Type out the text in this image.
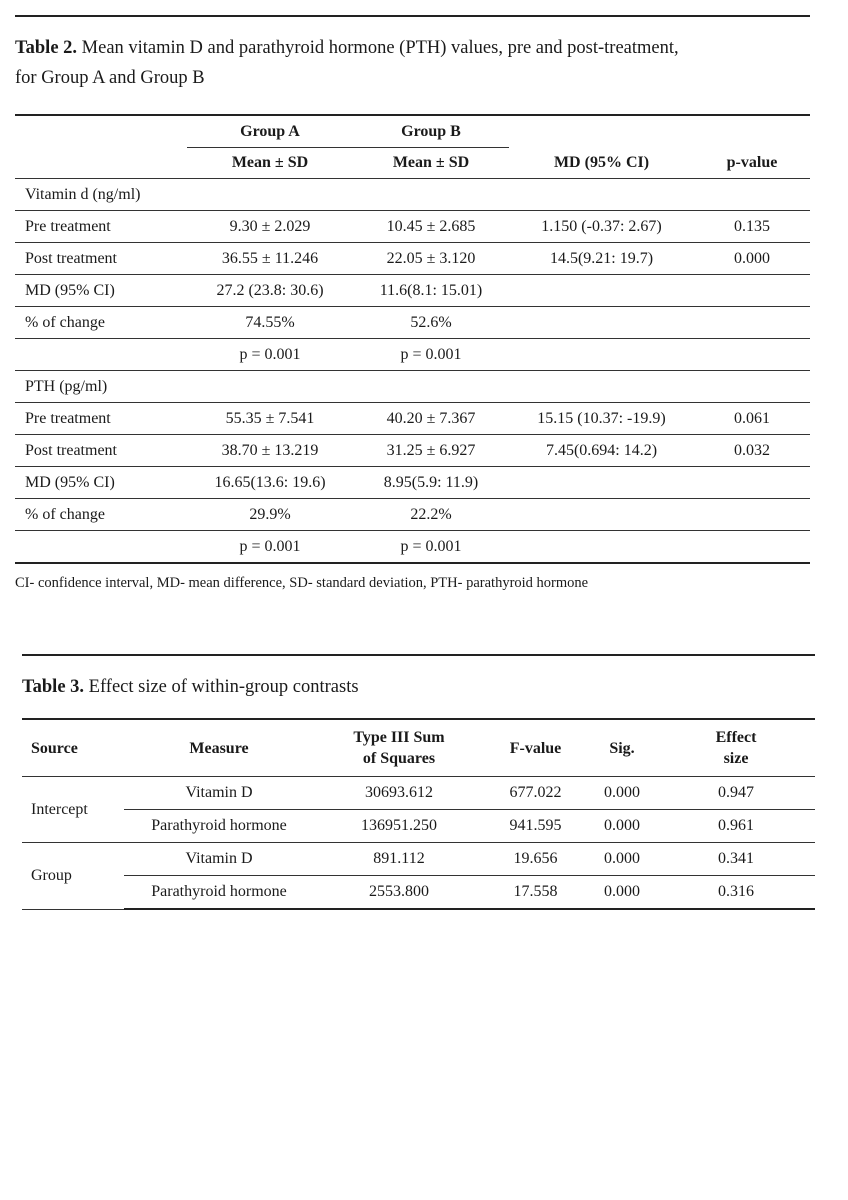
Table 2. Mean vitamin D and parathyroid hormone (PTH) values, pre and post-treatment,
for Group A and Group B
	Group A	Group B		
	Mean ± SD	Mean ± SD	MD (95% CI)	p-value
Vitamin d (ng/ml)				
Pre treatment	9.30 ± 2.029	10.45 ± 2.685	1.150 (-0.37: 2.67)	0.135
Post treatment	36.55 ± 11.246	22.05 ± 3.120	14.5(9.21: 19.7)	0.000
MD (95% CI)	27.2 (23.8: 30.6)	11.6(8.1: 15.01)		
% of change	74.55%	52.6%		
	p = 0.001	p = 0.001		
PTH (pg/ml)				
Pre treatment	55.35 ± 7.541	40.20 ± 7.367	15.15 (10.37: -19.9)	0.061
Post treatment	38.70 ± 13.219	31.25 ± 6.927	7.45(0.694: 14.2)	0.032
MD (95% CI)	16.65(13.6: 19.6)	8.95(5.9: 11.9)		
% of change	29.9%	22.2%		
	p = 0.001	p = 0.001		
CI- confidence interval, MD- mean difference, SD- standard deviation, PTH- parathyroid hormone
Table 3. Effect size of within-group contrasts
Source	Measure	Type III Sum
of Squares	F-value	Sig.	Effect
size
Intercept	Vitamin D	30693.612	677.022	0.000	0.947
	Parathyroid hormone	136951.250	941.595	0.000	0.961
Group	Vitamin D	891.112	19.656	0.000	0.341
	Parathyroid hormone	2553.800	17.558	0.000	0.316
